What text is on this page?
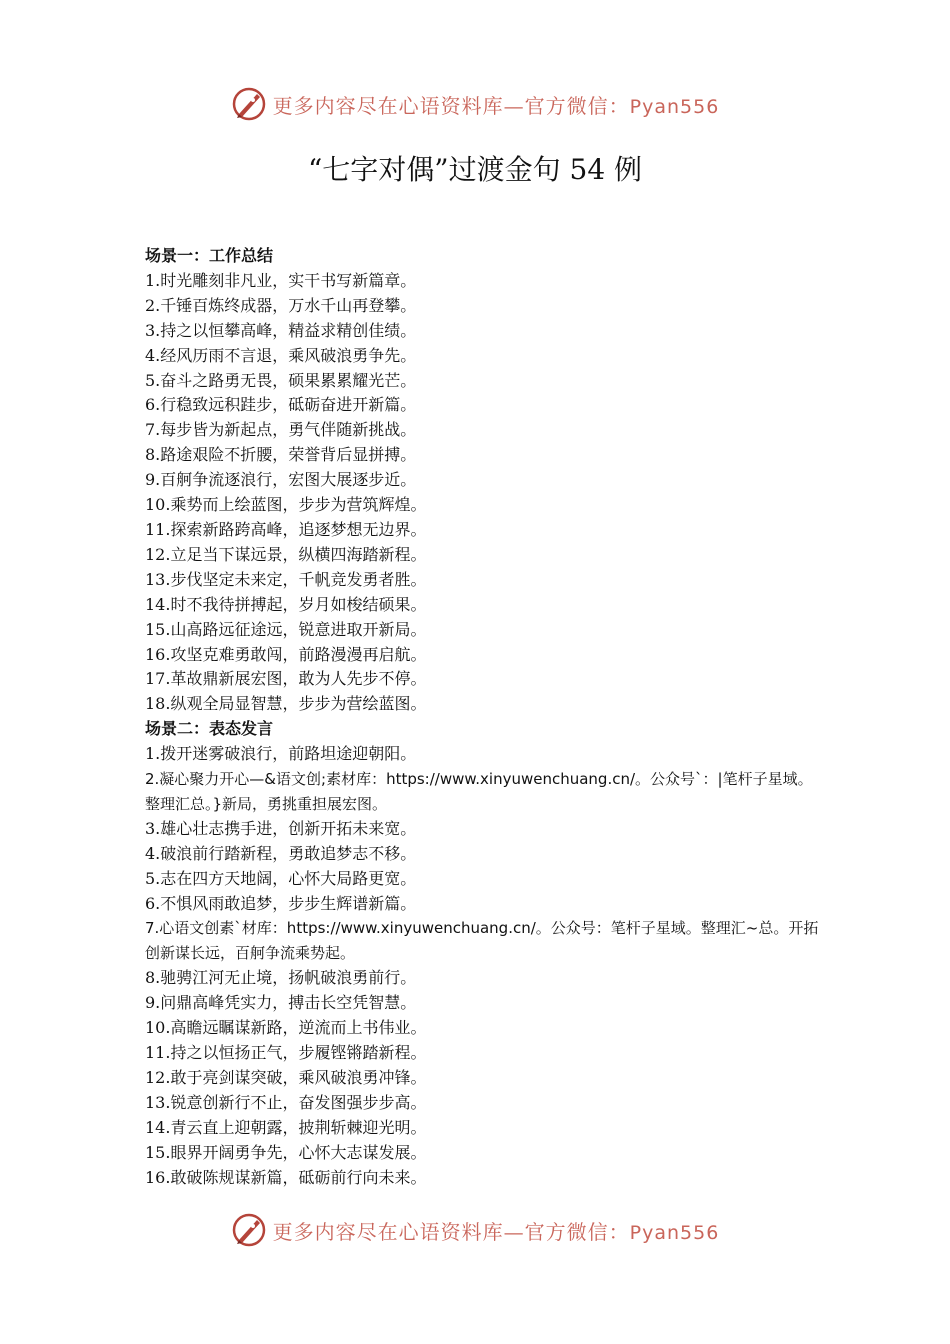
更多内容尽在心语资料库—官方微信：Pyan556
“七字对偶”过渡金句 54 例
场景一：工作总结
1.时光雕刻非凡业，实干书写新篇章。
2.千锤百炼终成器，万水千山再登攀。
3.持之以恒攀高峰，精益求精创佳绩。
4.经风历雨不言退，乘风破浪勇争先。
5.奋斗之路勇无畏，硕果累累耀光芒。
6.行稳致远积跬步，砥砺奋进开新篇。
7.每步皆为新起点，勇气伴随新挑战。
8.路途艰险不折腰，荣誉背后显拼搏。
9.百舸争流逐浪行，宏图大展逐步近。
10.乘势而上绘蓝图，步步为营筑辉煌。
11.探索新路跨高峰，追逐梦想无边界。
12.立足当下谋远景，纵横四海踏新程。
13.步伐坚定未来定，千帆竞发勇者胜。
14.时不我待拼搏起，岁月如梭结硕果。
15.山高路远征途远，锐意进取开新局。
16.攻坚克难勇敢闯，前路漫漫再启航。
17.革故鼎新展宏图，敢为人先步不停。
18.纵观全局显智慧，步步为营绘蓝图。
场景二：表态发言
1.拨开迷雾破浪行，前路坦途迎朝阳。
2.凝心聚力开心—&语文创;素材库：https://www.xinyuwenchuang.cn/。公众号`：|笔杆子星域。整理汇总。}新局，勇挑重担展宏图。
3.雄心壮志携手进，创新开拓未来宽。
4.破浪前行踏新程，勇敢追梦志不移。
5.志在四方天地阔，心怀大局路更宽。
6.不惧风雨敢追梦，步步生辉谱新篇。
7.心语文创素`材库：https://www.xinyuwenchuang.cn/。公众号：笔杆子星域。整理汇~总。开拓创新谋长远，百舸争流乘势起。
8.驰骋江河无止境，扬帆破浪勇前行。
9.问鼎高峰凭实力，搏击长空凭智慧。
10.高瞻远瞩谋新路，逆流而上书伟业。
11.持之以恒扬正气，步履铿锵踏新程。
12.敢于亮剑谋突破，乘风破浪勇冲锋。
13.锐意创新行不止，奋发图强步步高。
14.青云直上迎朝露，披荆斩棘迎光明。
15.眼界开阔勇争先，心怀大志谋发展。
16.敢破陈规谋新篇，砥砺前行向未来。
更多内容尽在心语资料库—官方微信：Pyan556
